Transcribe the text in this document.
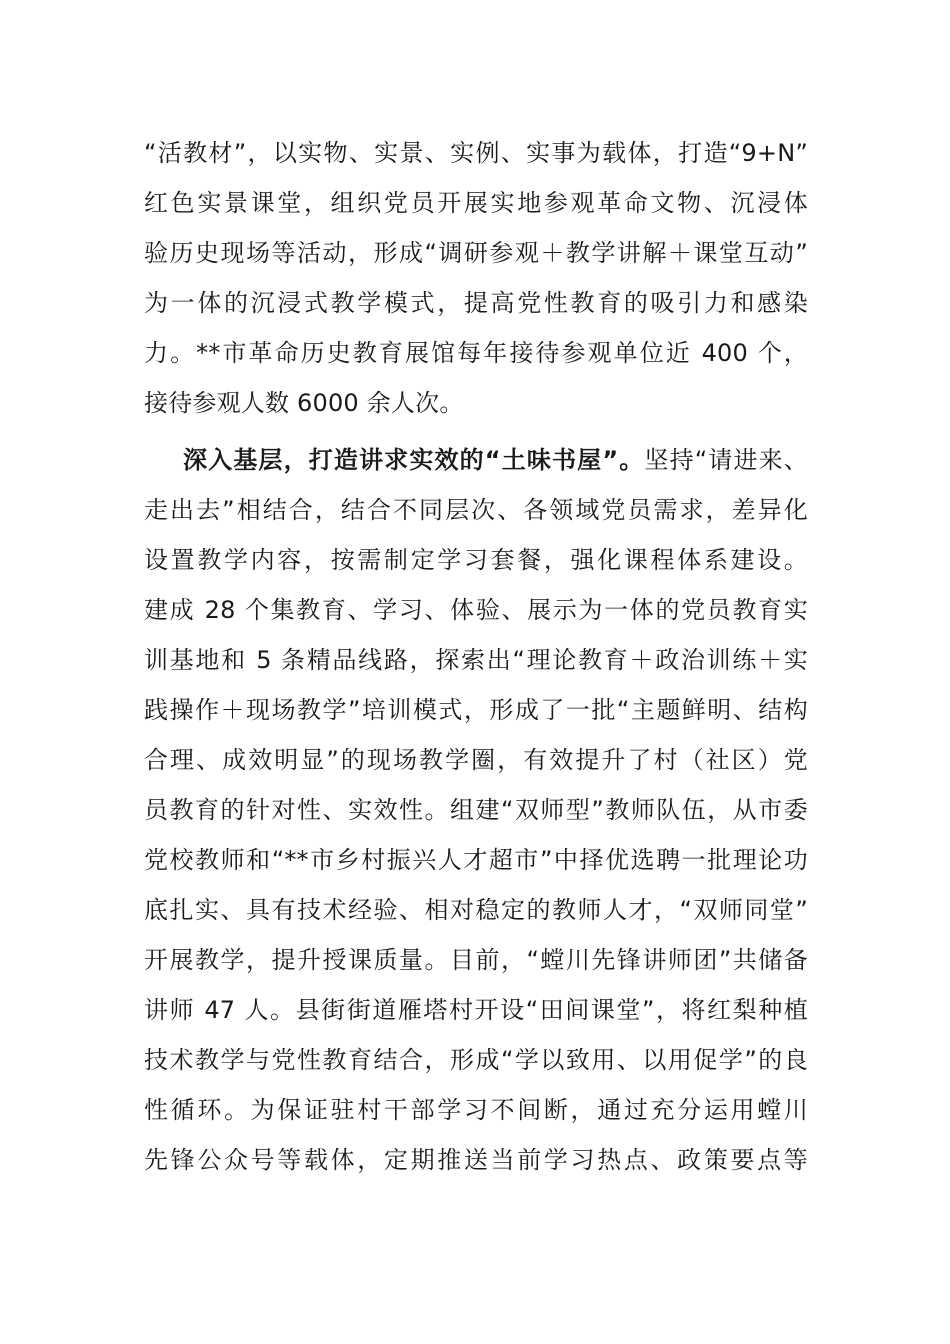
“活教材”，以实物、实景、实例、实事为载体，打造“9+N”
红色实景课堂，组织党员开展实地参观革命文物、沉浸体
验历史现场等活动，形成“调研参观＋教学讲解＋课堂互动”
为一体的沉浸式教学模式，提高党性教育的吸引力和感染
力。**市革命历史教育展馆每年接待参观单位近 400 个，
接待参观人数 6000 余人次。
深入基层，打造讲求实效的“土味书屋”。坚持“请进来、
走出去”相结合，结合不同层次、各领域党员需求，差异化
设置教学内容，按需制定学习套餐，强化课程体系建设。
建成 28 个集教育、学习、体验、展示为一体的党员教育实
训基地和 5 条精品线路，探索出“理论教育＋政治训练＋实
践操作＋现场教学”培训模式，形成了一批“主题鲜明、结构
合理、成效明显”的现场教学圈，有效提升了村（社区）党
员教育的针对性、实效性。组建“双师型”教师队伍，从市委
党校教师和“**市乡村振兴人才超市”中择优选聘一批理论功
底扎实、具有技术经验、相对稳定的教师人才，“双师同堂”
开展教学，提升授课质量。目前，“螳川先锋讲师团”共储备
讲师 47 人。县街街道雁塔村开设“田间课堂”，将红梨种植
技术教学与党性教育结合，形成“学以致用、以用促学”的良
性循环。为保证驻村干部学习不间断，通过充分运用螳川
先锋公众号等载体，定期推送当前学习热点、政策要点等
